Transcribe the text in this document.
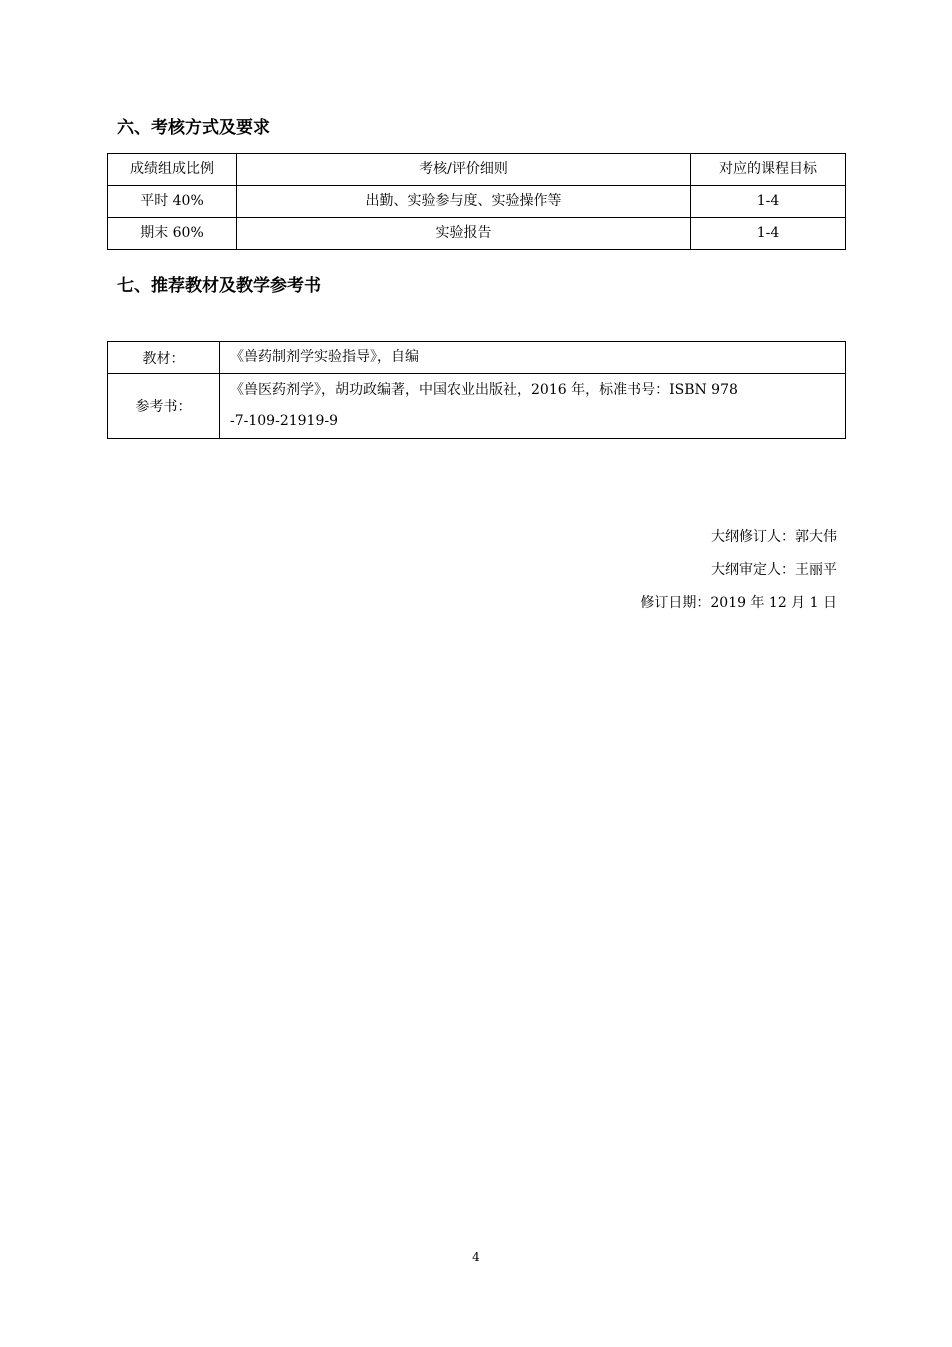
六、考核方式及要求
成绩组成比例	考核/评价细则	对应的课程目标
平时 40%	出勤、实验参与度、实验操作等	1-4
期末 60%	实验报告	1-4
七、推荐教材及教学参考书
教材：	《兽药制剂学实验指导》，自编
参考书：	《兽医药剂学》，胡功政编著，中国农业出版社，2016 年，标准书号：ISBN 978
-7-109-21919-9
大纲修订人：郭大伟
大纲审定人：王丽平
修订日期：2019 年 12 月 1 日
4
